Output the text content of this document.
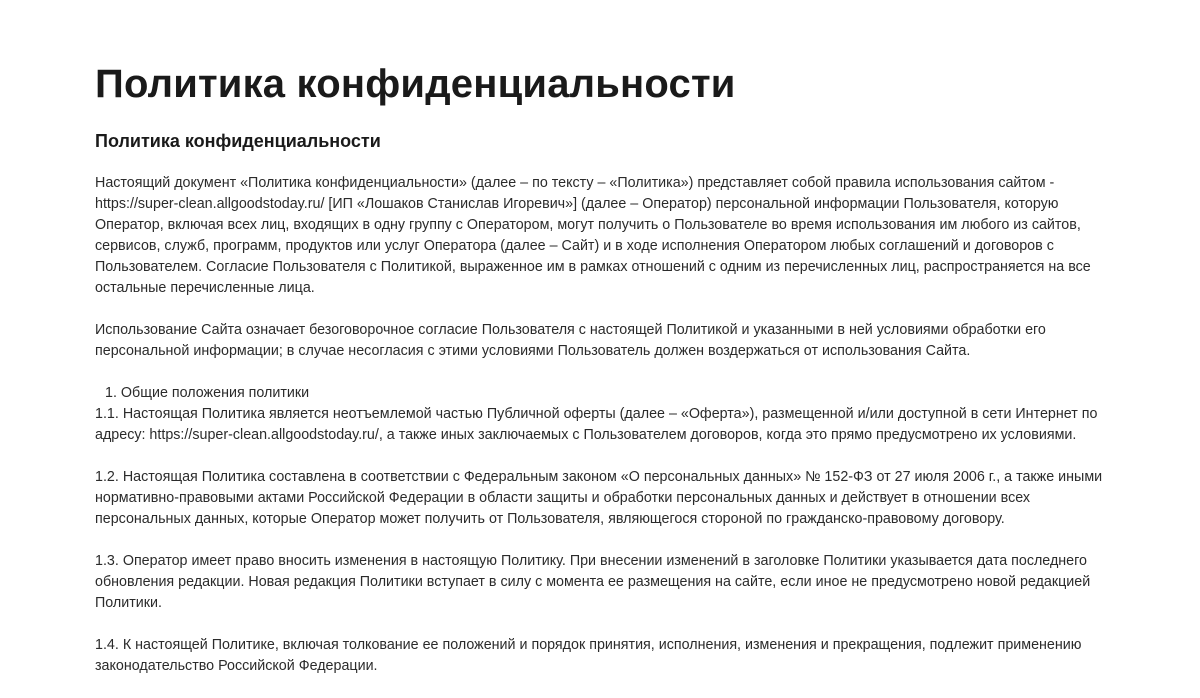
Политика конфиденциальности
Политика конфиденциальности

Настоящий документ «Политика конфиденциальности» (далее – по тексту – «Политика») представляет собой правила использования сайтом - https://super-clean.allgoodstoday.ru/ [ИП «Лошаков Станислав Игоревич»] (далее – Оператор) персональной информации Пользователя, которую Оператор, включая всех лиц, входящих в одну группу с Оператором, могут получить о Пользователе во время использования им любого из сайтов, сервисов, служб, программ, продуктов или услуг Оператора (далее – Сайт) и в ходе исполнения Оператором любых соглашений и договоров с Пользователем. Согласие Пользователя с Политикой, выраженное им в рамках отношений с одним из перечисленных лиц, распространяется на все остальные перечисленные лица.

Использование Сайта означает безоговорочное согласие Пользователя с настоящей Политикой и указанными в ней условиями обработки его персональной информации; в случае несогласия с этими условиями Пользователь должен воздержаться от использования Сайта.

1. Общие положения политики

1.1. Настоящая Политика является неотъемлемой частью Публичной оферты (далее – «Оферта»), размещенной и/или доступной в сети Интернет по адресу: https://super-clean.allgoodstoday.ru/, а также иных заключаемых с Пользователем договоров, когда это прямо предусмотрено их условиями.

1.2. Настоящая Политика составлена в соответствии с Федеральным законом «О персональных данных» № 152-ФЗ от 27 июля 2006 г., а также иными нормативно-правовыми актами Российской Федерации в области защиты и обработки персональных данных и действует в отношении всех персональных данных, которые Оператор может получить от Пользователя, являющегося стороной по гражданско-правовому договору.

1.3. Оператор имеет право вносить изменения в настоящую Политику. При внесении изменений в заголовке Политики указывается дата последнего обновления редакции. Новая редакция Политики вступает в силу с момента ее размещения на сайте, если иное не предусмотрено новой редакцией Политики.

1.4. К настоящей Политике, включая толкование ее положений и порядок принятия, исполнения, изменения и прекращения, подлежит применению законодательство Российской Федерации.
